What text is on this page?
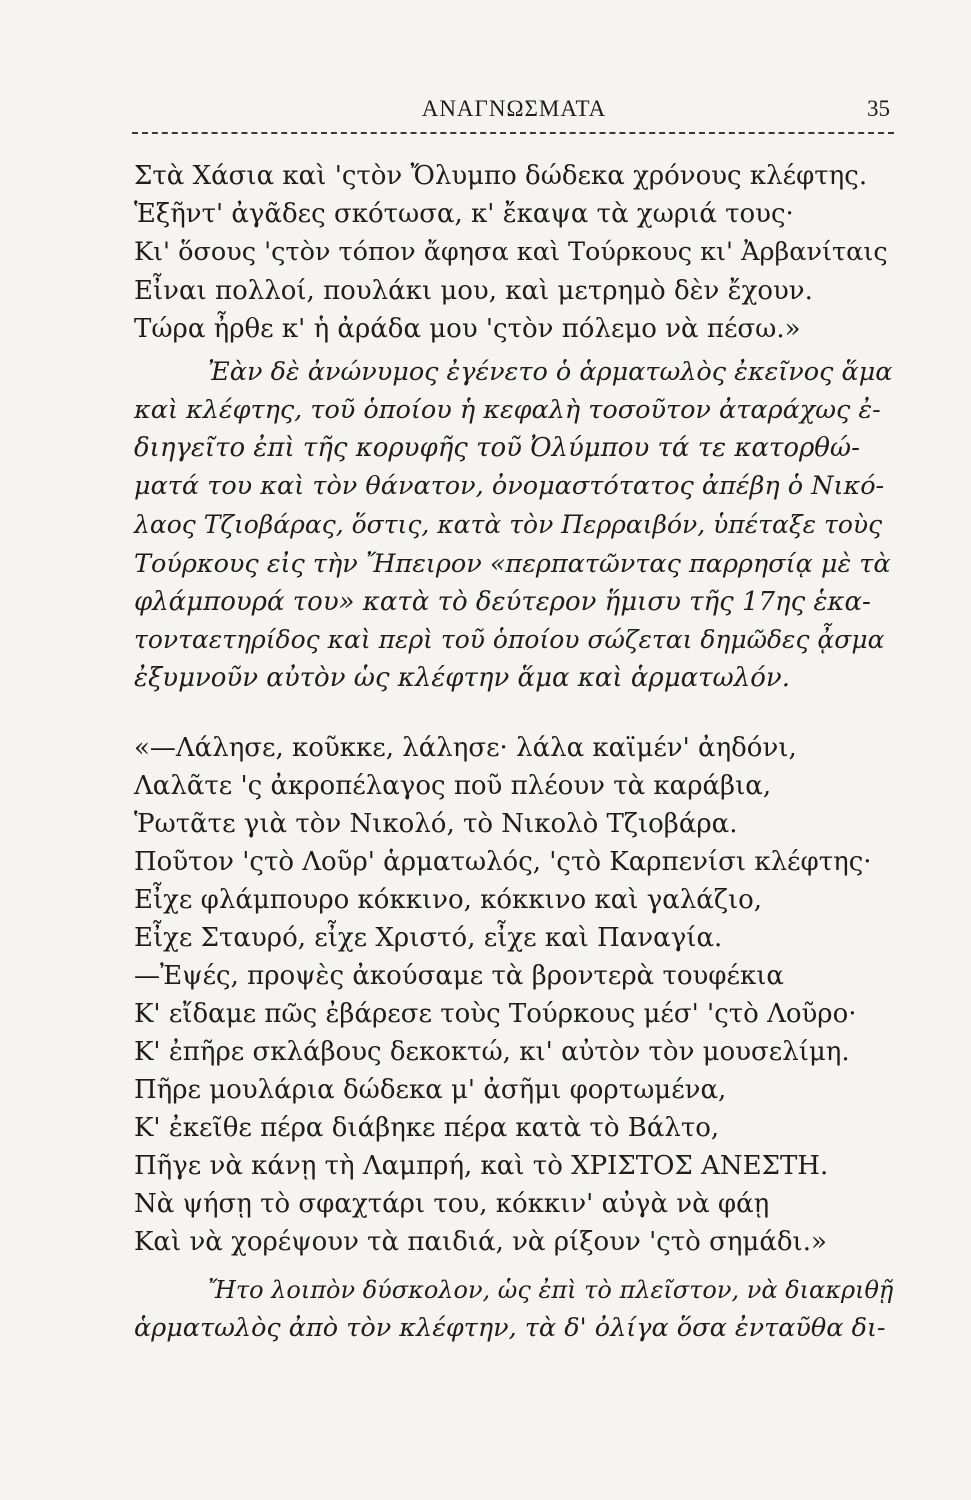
ΑΝΑΓΝΩΣΜΑΤΑ	35
Στὰ Χάσια καὶ 'ςτὸν Ὄλυμπο δώδεκα χρόνους κλέφτης.
Ἑξῆντ' ἀγᾶδες σκότωσα, κ' ἔκαψα τὰ χωριά τους·
Κι' ὅσους 'ςτὸν τόπον ἄφησα καὶ Τούρκους κι' Ἀρβανίταις
Εἶναι πολλοί, πουλάκι μου, καὶ μετρημὸ δὲν ἔχουν.
Τώρα ἦρθε κ' ἡ ἀράδα μου 'ςτὸν πόλεμο νὰ πέσω.»
Ἐὰν δὲ ἀνώνυμος ἐγένετο ὁ ἁρματωλὸς ἐκεῖνος ἅμα
καὶ κλέφτης, τοῦ ὁποίου ἡ κεφαλὴ τοσοῦτον ἀταράχως ἐ-
διηγεῖτο ἐπὶ τῆς κορυφῆς τοῦ Ὀλύμπου τά τε κατορθώ-
ματά του καὶ τὸν θάνατον, ὀνομαστότατος ἀπέβη ὁ Νικό-
λαος Τζιοβάρας, ὅστις, κατὰ τὸν Περραιβόν, ὑπέταξε τοὺς
Τούρκους εἰς τὴν Ἤπειρον «περπατῶντας παρρησίᾳ μὲ τὰ
φλάμπουρά του» κατὰ τὸ δεύτερον ἥμισυ τῆς 17ης ἑκα-
τονταετηρίδος καὶ περὶ τοῦ ὁποίου σώζεται δημῶδες ᾆσμα
ἐξυμνοῦν αὐτὸν ὡς κλέφτην ἅμα καὶ ἁρματωλόν.
«—Λάλησε, κοῦκκε, λάλησε· λάλα καϊμέν' ἀηδόνι,
Λαλᾶτε 'ς ἀκροπέλαγος ποῦ πλέουν τὰ καράβια,
Ῥωτᾶτε γιὰ τὸν Νικολό, τὸ Νικολὸ Τζιοβάρα.
Ποῦτον 'ςτὸ Λοῦρ' ἁρματωλός, 'ςτὸ Καρπενίσι κλέφτης·
Εἶχε φλάμπουρο κόκκινο, κόκκινο καὶ γαλάζιο,
Εἶχε Σταυρό, εἶχε Χριστό, εἶχε καὶ Παναγία.
—Ἐψές, προψὲς ἀκούσαμε τὰ βροντερὰ τουφέκια
Κ' εἴδαμε πῶς ἐβάρεσε τοὺς Τούρκους μέσ' 'ςτὸ Λοῦρο·
Κ' ἐπῆρε σκλάβους δεκοκτώ, κι' αὐτὸν τὸν μουσελίμη.
Πῆρε μουλάρια δώδεκα μ' ἀσῆμι φορτωμένα,
Κ' ἐκεῖθε πέρα διάβηκε πέρα κατὰ τὸ Βάλτο,
Πῆγε νὰ κάνῃ τὴ Λαμπρή, καὶ τὸ ΧΡΙΣΤΟΣ ΑΝΕΣΤΗ.
Νὰ ψήσῃ τὸ σφαχτάρι του, κόκκιν' αὐγὰ νὰ φάῃ
Καὶ νὰ χορέψουν τὰ παιδιά, νὰ ρίξουν 'ςτὸ σημάδι.»
Ἤτο λοιπὸν δύσκολον, ὡς ἐπὶ τὸ πλεῖστον, νὰ διακριθῇ
ἁρματωλὸς ἀπὸ τὸν κλέφτην, τὰ δ' ὀλίγα ὅσα ἐνταῦθα δι-
